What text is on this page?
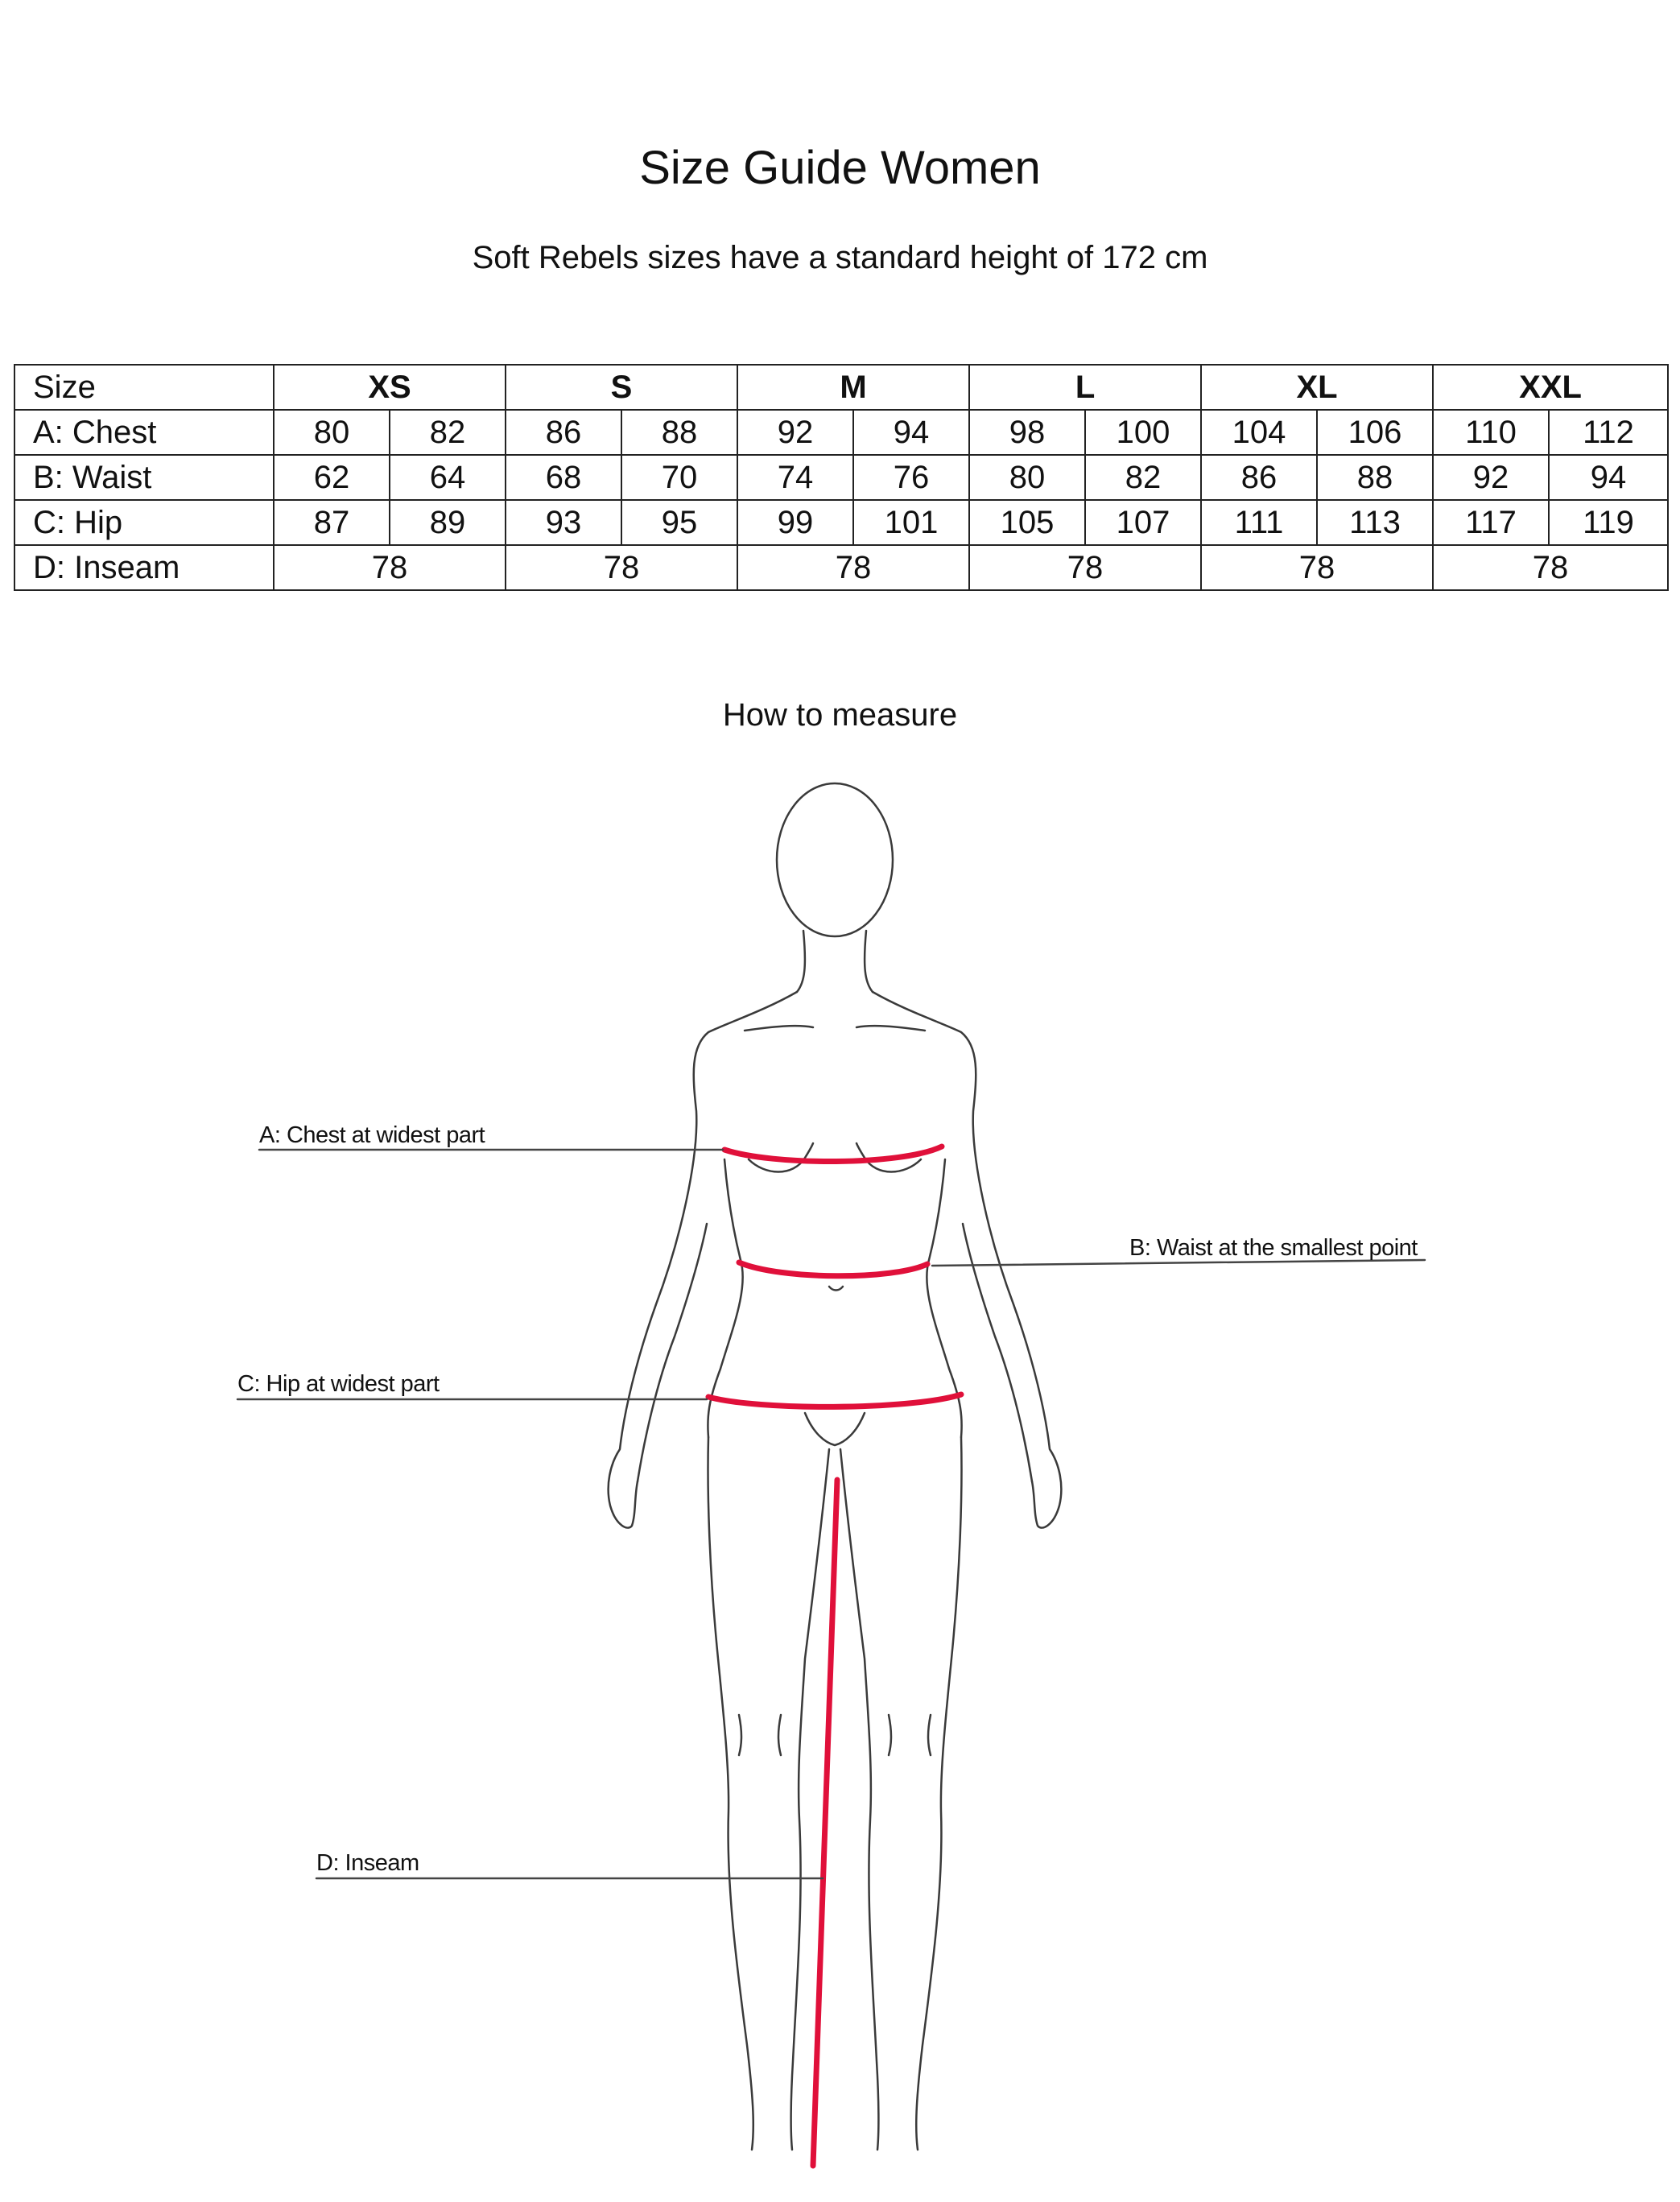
Size Guide Women
Soft Rebels sizes have a standard height of 172 cm
Size	XS		S		M		L		XL		XXL	
A: Chest	80	82	86	88	92	94	98	100	104	106	110	112
B: Waist	62	64	68	70	74	76	80	82	86	88	92	94
C: Hip	87	89	93	95	99	101	105	107	111	113	117	119
D: Inseam	78		78		78		78		78		78	
How to measure
A: Chest at widest part
B: Waist at the smallest point
C: Hip at widest part
D: Inseam
